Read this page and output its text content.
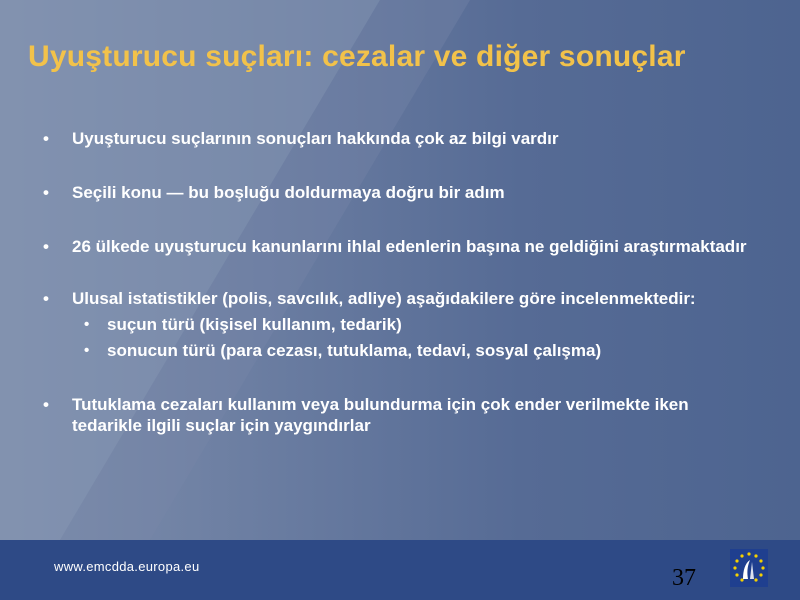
Uyuşturucu suçları: cezalar ve diğer sonuçlar
• Uyuşturucu suçlarının sonuçları hakkında çok az bilgi vardır
• Seçili konu — bu boşluğu doldurmaya doğru bir adım
• 26 ülkede uyuşturucu kanunlarını ihlal edenlerin başına ne geldiğini araştırmaktadır
• Ulusal istatistikler (polis, savcılık, adliye) aşağıdakilere göre incelenmektedir:
• suçun türü (kişisel kullanım, tedarik)
• sonucun türü (para cezası, tutuklama, tedavi, sosyal çalışma)
• Tutuklama cezaları kullanım veya bulundurma için çok ender verilmekte iken tedarikle ilgili suçlar için yaygındırlar
www.emcdda.europa.eu	37
